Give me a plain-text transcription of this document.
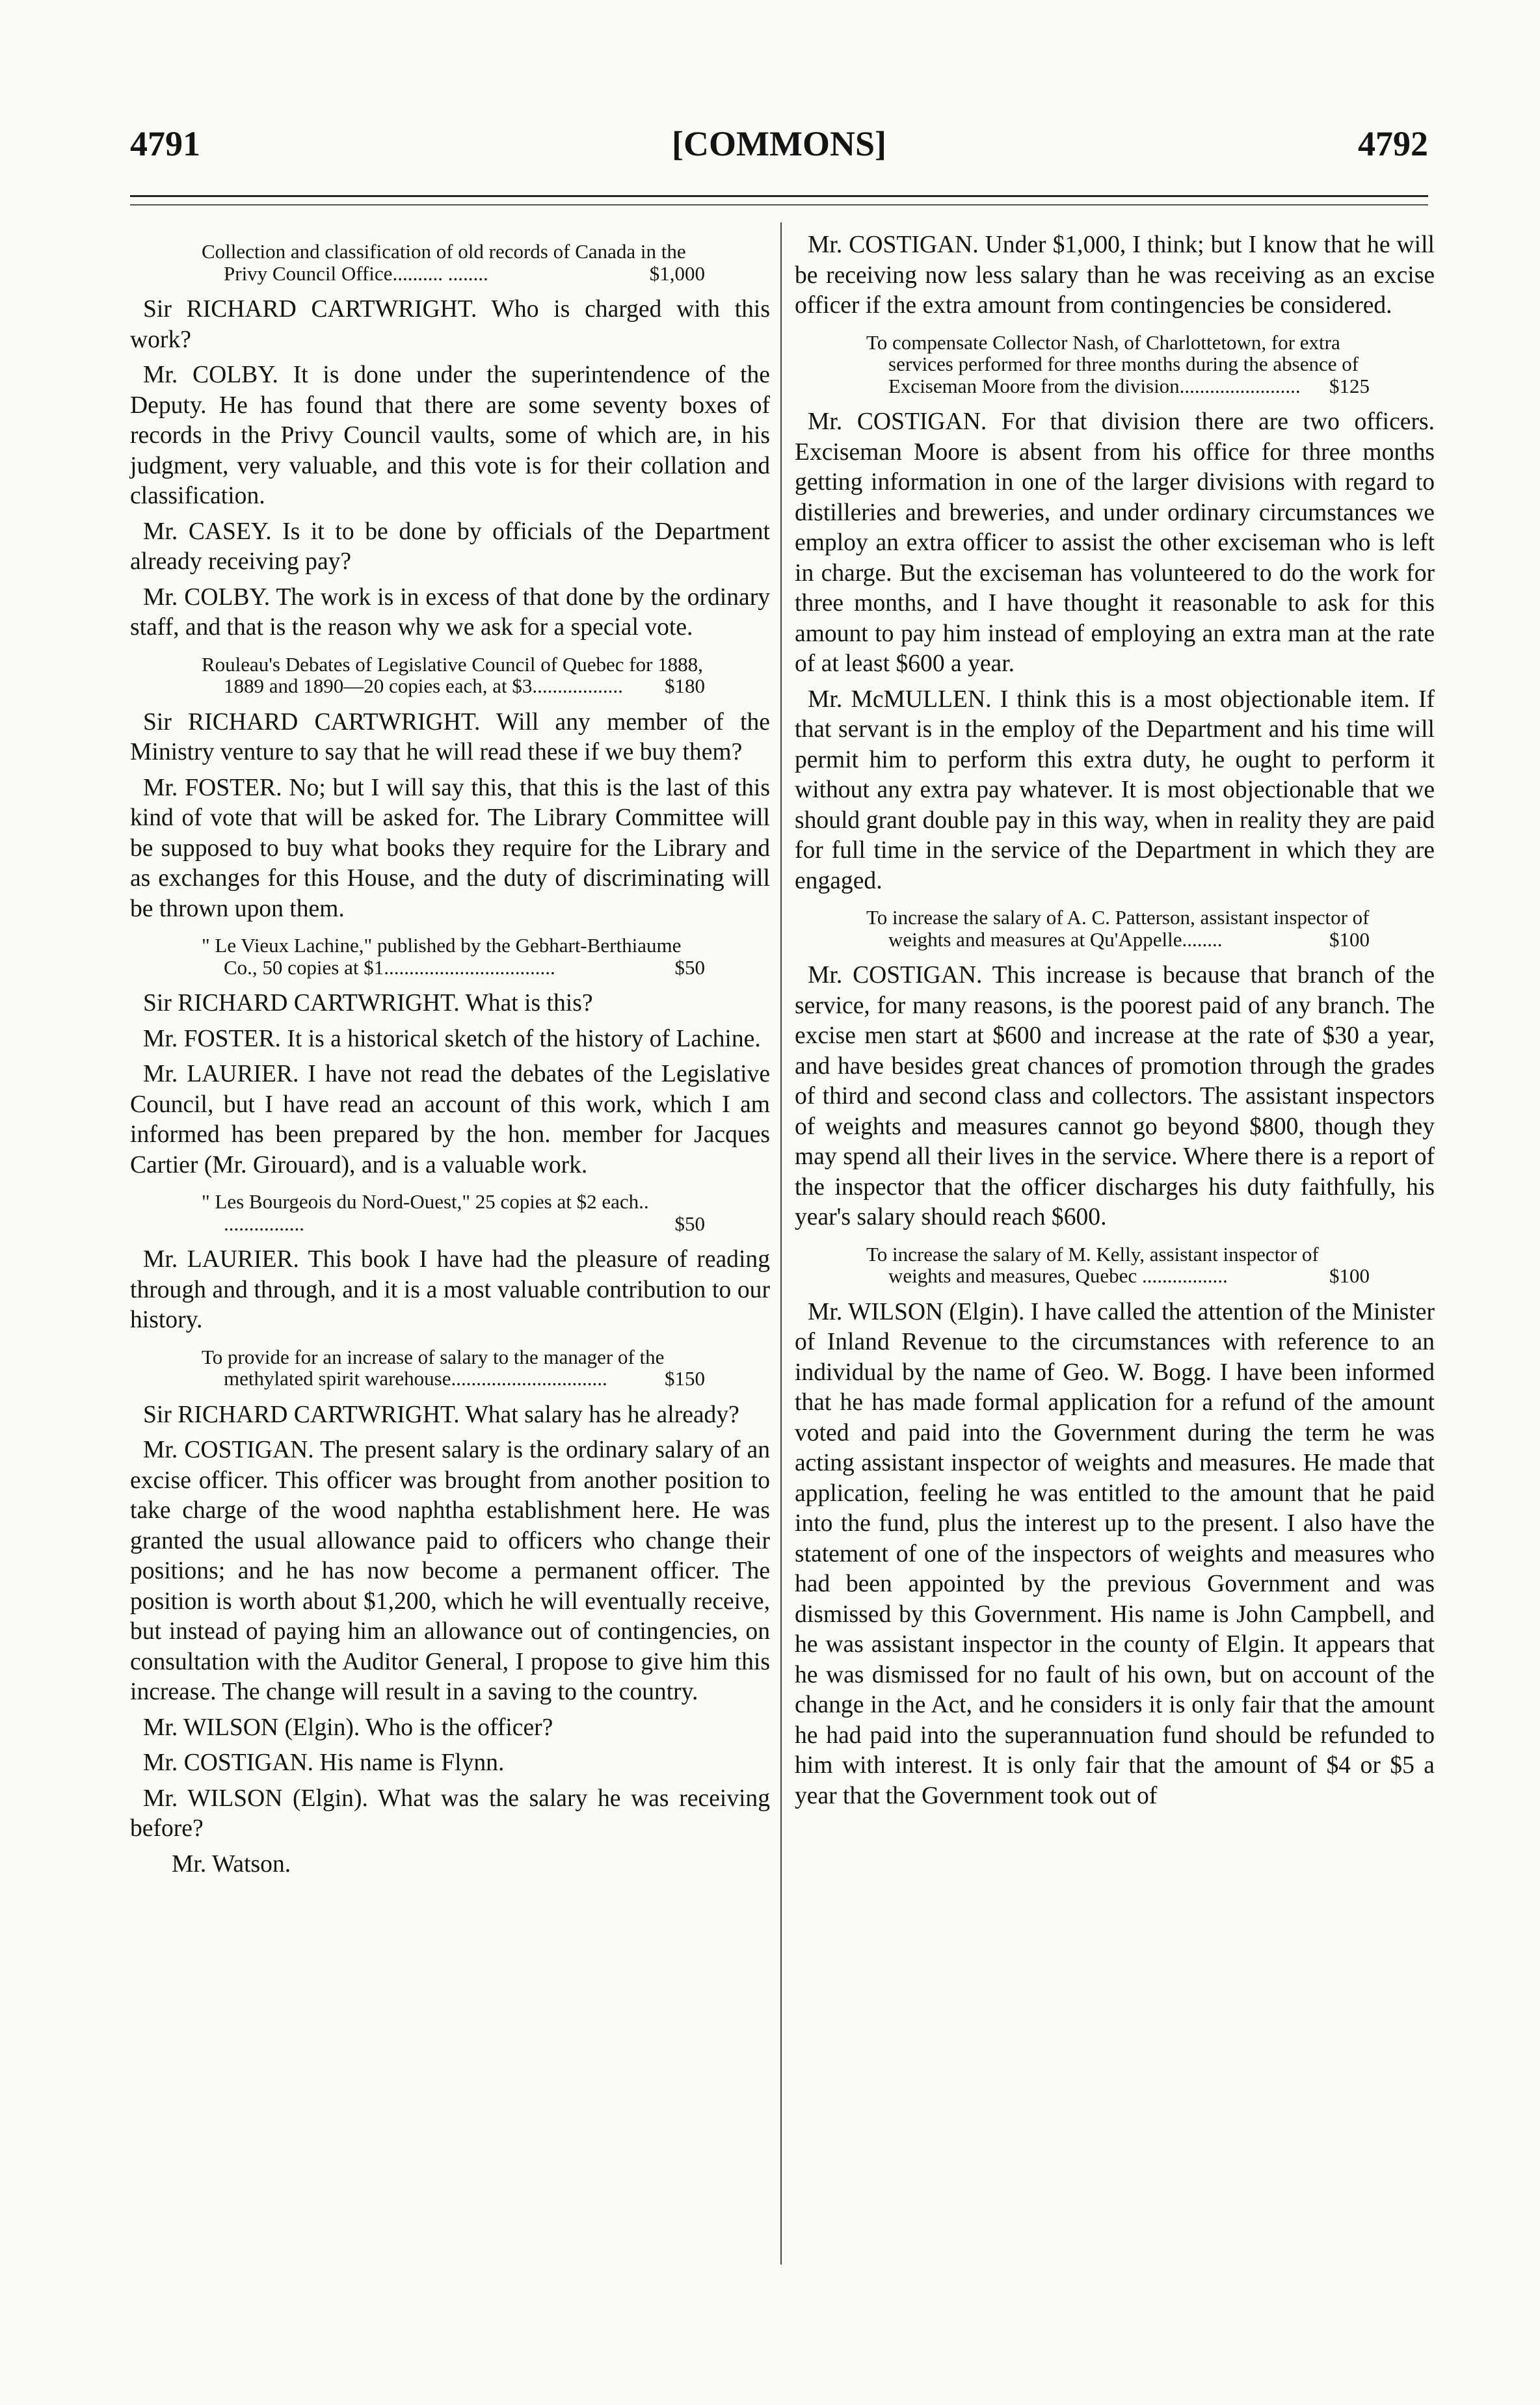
4791	[COMMONS]	4792
Collection and classification of old records of Canada in the Privy Council Office.......... ........	$1,000

Sir RICHARD CARTWRIGHT. Who is charged with this work?

Mr. COLBY. It is done under the superintendence of the Deputy. He has found that there are some seventy boxes of records in the Privy Council vaults, some of which are, in his judgment, very valuable, and this vote is for their collation and classification.

Mr. CASEY. Is it to be done by officials of the Department already receiving pay?

Mr. COLBY. The work is in excess of that done by the ordinary staff, and that is the reason why we ask for a special vote.

Rouleau's Debates of Legislative Council of Quebec for 1888, 1889 and 1890—20 copies each, at $3.................. $180

Sir RICHARD CARTWRIGHT. Will any member of the Ministry venture to say that he will read these if we buy them?

Mr. FOSTER. No; but I will say this, that this is the last of this kind of vote that will be asked for. The Library Committee will be supposed to buy what books they require for the Library and as exchanges for this House, and the duty of discriminating will be thrown upon them.

" Le Vieux Lachine," published by the Gebhart-Berthiaume Co., 50 copies at $1..................................	$50

Sir RICHARD CARTWRIGHT. What is this?

Mr. FOSTER. It is a historical sketch of the history of Lachine.

Mr. LAURIER. I have not read the debates of the Legislative Council, but I have read an account of this work, which I am informed has been prepared by the hon. member for Jacques Cartier (Mr. Girouard), and is a valuable work.

" Les Bourgeois du Nord-Ouest," 25 copies at $2 each.. ................	$50

Mr. LAURIER. This book I have had the pleasure of reading through and through, and it is a most valuable contribution to our history.

To provide for an increase of salary to the manager of the methylated spirit warehouse...............................	$150

Sir RICHARD CARTWRIGHT. What salary has he already?

Mr. COSTIGAN. The present salary is the ordinary salary of an excise officer. This officer was brought from another position to take charge of the wood naphtha establishment here. He was granted the usual allowance paid to officers who change their positions; and he has now become a permanent officer. The position is worth about $1,200, which he will eventually receive, but instead of paying him an allowance out of contingencies, on consultation with the Auditor General, I propose to give him this increase. The change will result in a saving to the country.

Mr. WILSON (Elgin). Who is the officer?

Mr. COSTIGAN. His name is Flynn.

Mr. WILSON (Elgin). What was the salary he was receiving before?

Mr. Watson.

Mr. COSTIGAN. Under $1,000, I think; but I know that he will be receiving now less salary than he was receiving as an excise officer if the extra amount from contingencies be considered.

To compensate Collector Nash, of Charlottetown, for extra services performed for three months during the absence of Exciseman Moore from the division........................ $125

Mr. COSTIGAN. For that division there are two officers. Exciseman Moore is absent from his office for three months getting information in one of the larger divisions with regard to distilleries and breweries, and under ordinary circumstances we employ an extra officer to assist the other exciseman who is left in charge. But the exciseman has volunteered to do the work for three months, and I have thought it reasonable to ask for this amount to pay him instead of employing an extra man at the rate of at least $600 a year.

Mr. McMULLEN. I think this is a most objectionable item. If that servant is in the employ of the Department and his time will permit him to perform this extra duty, he ought to perform it without any extra pay whatever. It is most objectionable that we should grant double pay in this way, when in reality they are paid for full time in the service of the Department in which they are engaged.

To increase the salary of A. C. Patterson, assistant inspector of weights and measures at Qu'Appelle........	$100

Mr. COSTIGAN. This increase is because that branch of the service, for many reasons, is the poorest paid of any branch. The excise men start at $600 and increase at the rate of $30 a year, and have besides great chances of promotion through the grades of third and second class and collectors. The assistant inspectors of weights and measures cannot go beyond $800, though they may spend all their lives in the service. Where there is a report of the inspector that the officer discharges his duty faithfully, his year's salary should reach $600.

To increase the salary of M. Kelly, assistant inspector of weights and measures, Quebec .................	$100

Mr. WILSON (Elgin). I have called the attention of the Minister of Inland Revenue to the circumstances with reference to an individual by the name of Geo. W. Bogg. I have been informed that he has made formal application for a refund of the amount voted and paid into the Government during the term he was acting assistant inspector of weights and measures. He made that application, feeling he was entitled to the amount that he paid into the fund, plus the interest up to the present. I also have the statement of one of the inspectors of weights and measures who had been appointed by the previous Government and was dismissed by this Government. His name is John Campbell, and he was assistant inspector in the county of Elgin. It appears that he was dismissed for no fault of his own, but on account of the change in the Act, and he considers it is only fair that the amount he had paid into the superannuation fund should be refunded to him with interest. It is only fair that the amount of $4 or $5 a year that the Government took out of
